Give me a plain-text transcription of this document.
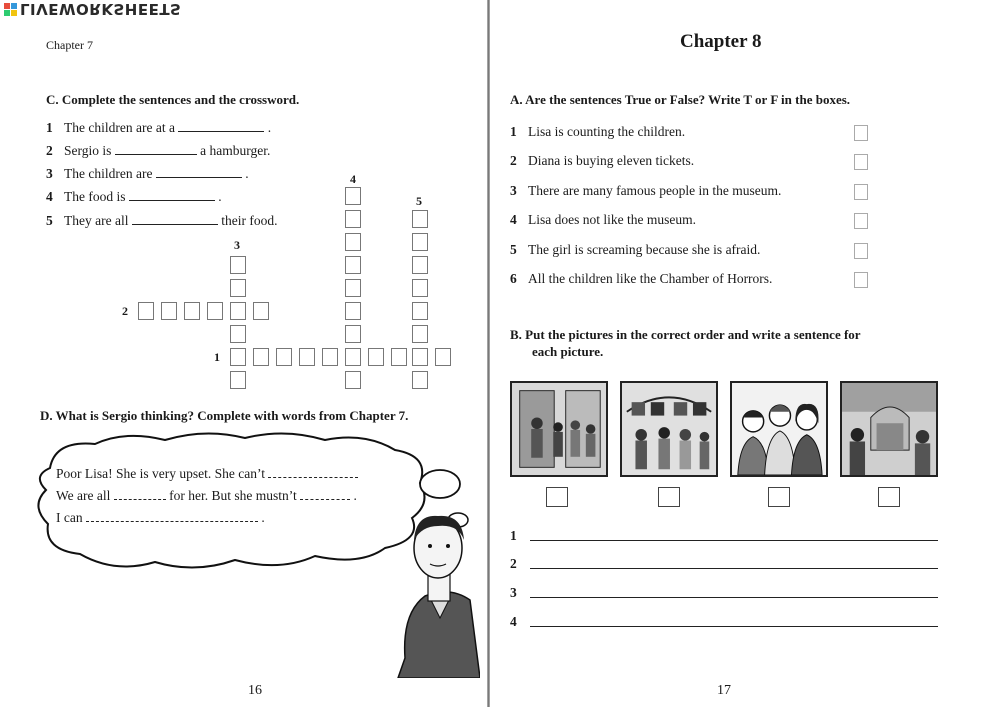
LIVEWORKSHEETS
Chapter 7
C. Complete the sentences and the crossword.
1 The children are at a	.
2 Sergio is	a hamburger.
3 The children are	.
4 The food is	.
5 They are all	their food.
4
5
3
2
1
D. What is Sergio thinking? Complete with words from Chapter 7.
Poor Lisa! She is very upset. She can’t
We are all	for her. But she mustn’t	.
I can	.
16
Chapter 8
A. Are the sentences True or False? Write T or F in the boxes.
1 Lisa is counting the children.
2 Diana is buying eleven tickets.
3 There are many famous people in the museum.
4 Lisa does not like the museum.
5 The girl is screaming because she is afraid.
6 All the children like the Chamber of Horrors.
B. Put the pictures in the correct order and write a sentence for
each picture.
1
2
3
4
17
